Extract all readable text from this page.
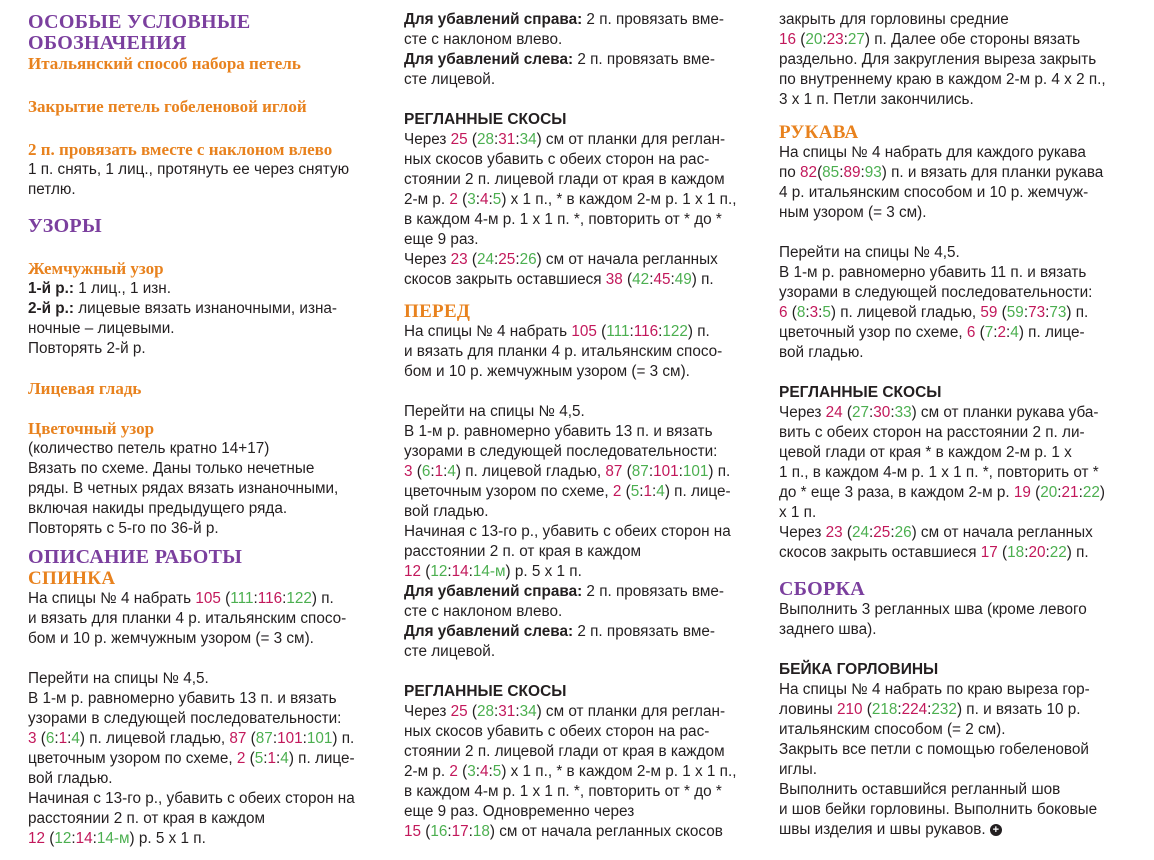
ОСОБЫЕ УСЛОВНЫЕ
ОБОЗНАЧЕНИЯ
Итальянский способ набора петель
Закрытие петель гобеленовой иглой
2 п. провязать вместе с наклоном влево
1 п. снять, 1 лиц., протянуть ее через снятую
петлю.
УЗОРЫ
Жемчужный узор
1-й р.: 1 лиц., 1 изн.
2-й р.: лицевые вязать изнаночными, изна-
ночные – лицевыми.
Повторять 2-й р.
Лицевая гладь
Цветочный узор
(количество петель кратно 14+17)
Вязать по схеме. Даны только нечетные
ряды. В четных рядах вязать изнаночными,
включая накиды предыдущего ряда.
Повторять с 5-го по 36-й р.
ОПИСАНИЕ РАБОТЫ
СПИНКА
На спицы № 4 набрать 105 (111:116:122) п.
и вязать для планки 4 р. итальянским спосо-
бом и 10 р. жемчужным узором (= 3 см).
Перейти на спицы № 4,5.
В 1-м р. равномерно убавить 13 п. и вязать
узорами в следующей последовательности:
3 (6:1:4) п. лицевой гладью, 87 (87:101:101) п.
цветочным узором по схеме, 2 (5:1:4) п. лице-
вой гладью.
Начиная с 13-го р., убавить с обеих сторон на
расстоянии 2 п. от края в каждом
12 (12:14:14-м) р. 5 х 1 п.
Для убавлений справа: 2 п. провязать вме-
сте с наклоном влево.
Для убавлений слева: 2 п. провязать вме-
сте лицевой.
РЕГЛАННЫЕ СКОСЫ
Через 25 (28:31:34) см от планки для реглан-
ных скосов убавить с обеих сторон на рас-
стоянии 2 п. лицевой глади от края в каждом
2-м р. 2 (3:4:5) х 1 п., * в каждом 2-м р. 1 х 1 п.,
в каждом 4-м р. 1 х 1 п. *, повторить от * до *
еще 9 раз.
Через 23 (24:25:26) см от начала регланных
скосов закрыть оставшиеся 38 (42:45:49) п.
ПЕРЕД
На спицы № 4 набрать 105 (111:116:122) п.
и вязать для планки 4 р. итальянским спосо-
бом и 10 р. жемчужным узором (= 3 см).
Перейти на спицы № 4,5.
В 1-м р. равномерно убавить 13 п. и вязать
узорами в следующей последовательности:
3 (6:1:4) п. лицевой гладью, 87 (87:101:101) п.
цветочным узором по схеме, 2 (5:1:4) п. лице-
вой гладью.
Начиная с 13-го р., убавить с обеих сторон на
расстоянии 2 п. от края в каждом
12 (12:14:14-м) р. 5 х 1 п.
Для убавлений справа: 2 п. провязать вме-
сте с наклоном влево.
Для убавлений слева: 2 п. провязать вме-
сте лицевой.
РЕГЛАННЫЕ СКОСЫ
Через 25 (28:31:34) см от планки для реглан-
ных скосов убавить с обеих сторон на рас-
стоянии 2 п. лицевой глади от края в каждом
2-м р. 2 (3:4:5) х 1 п., * в каждом 2-м р. 1 х 1 п.,
в каждом 4-м р. 1 х 1 п. *, повторить от * до *
еще 9 раз. Одновременно через
15 (16:17:18) см от начала регланных скосов
закрыть для горловины средние
16 (20:23:27) п. Далее обе стороны вязать
раздельно. Для закругления выреза закрыть
по внутреннему краю в каждом 2-м р. 4 х 2 п.,
3 х 1 п. Петли закончились.
РУКАВА
На спицы № 4 набрать для каждого рукава
по 82(85:89:93) п. и вязать для планки рукава
4 р. итальянским способом и 10 р. жемчуж-
ным узором (= 3 см).
Перейти на спицы № 4,5.
В 1-м р. равномерно убавить 11 п. и вязать
узорами в следующей последовательности:
6 (8:3:5) п. лицевой гладью, 59 (59:73:73) п.
цветочный узор по схеме, 6 (7:2:4) п. лице-
вой гладью.
РЕГЛАННЫЕ СКОСЫ
Через 24 (27:30:33) см от планки рукава уба-
вить с обеих сторон на расстоянии 2 п. ли-
цевой глади от края * в каждом 2-м р. 1 х
1 п., в каждом 4-м р. 1 х 1 п. *, повторить от *
до * еще 3 раза, в каждом 2-м р. 19 (20:21:22)
х 1 п.
Через 23 (24:25:26) см от начала регланных
скосов закрыть оставшиеся 17 (18:20:22) п.
СБОРКА
Выполнить 3 регланных шва (кроме левого
заднего шва).
БЕЙКА ГОРЛОВИНЫ
На спицы № 4 набрать по краю выреза гор-
ловины 210 (218:224:232) п. и вязать 10 р.
итальянским способом (= 2 см).
Закрыть все петли с помощью гобеленовой
иглы.
Выполнить оставшийся регланный шов
и шов бейки горловины. Выполнить боковые
швы изделия и швы рукавов. +
